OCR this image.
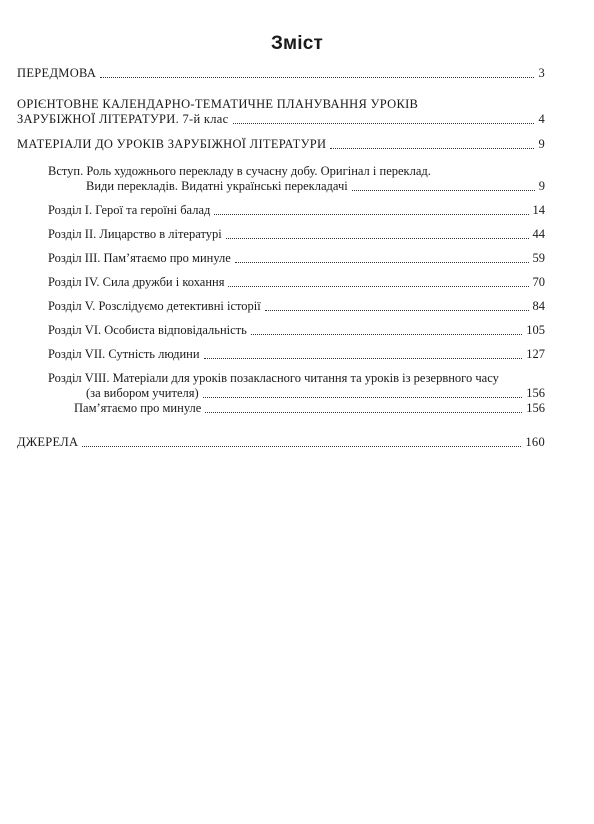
Зміст
ПЕРЕДМОВА	3
ОРІЄНТОВНЕ КАЛЕНДАРНО-ТЕМАТИЧНЕ ПЛАНУВАННЯ УРОКІВ
ЗАРУБІЖНОЇ ЛІТЕРАТУРИ. 7-й клас	4
МАТЕРІАЛИ ДО УРОКІВ ЗАРУБІЖНОЇ ЛІТЕРАТУРИ	9
Вступ. Роль художнього перекладу в сучасну добу. Оригінал і переклад.
Види перекладів. Видатні українські перекладачі	9
Розділ І. Герої та героїні балад	14
Розділ ІІ. Лицарство в літературі	44
Розділ ІІІ. Пам’ятаємо про минуле	59
Розділ IV. Сила дружби і кохання	70
Розділ V. Розслідуємо детективні історії	84
Розділ VI. Особиста відповідальність	105
Розділ VII. Сутність людини	127
Розділ VIII. Матеріали для уроків позакласного читання та уроків із резервного часу
(за вибором учителя)	156
Пам’ятаємо про минуле	156
ДЖЕРЕЛА	160
